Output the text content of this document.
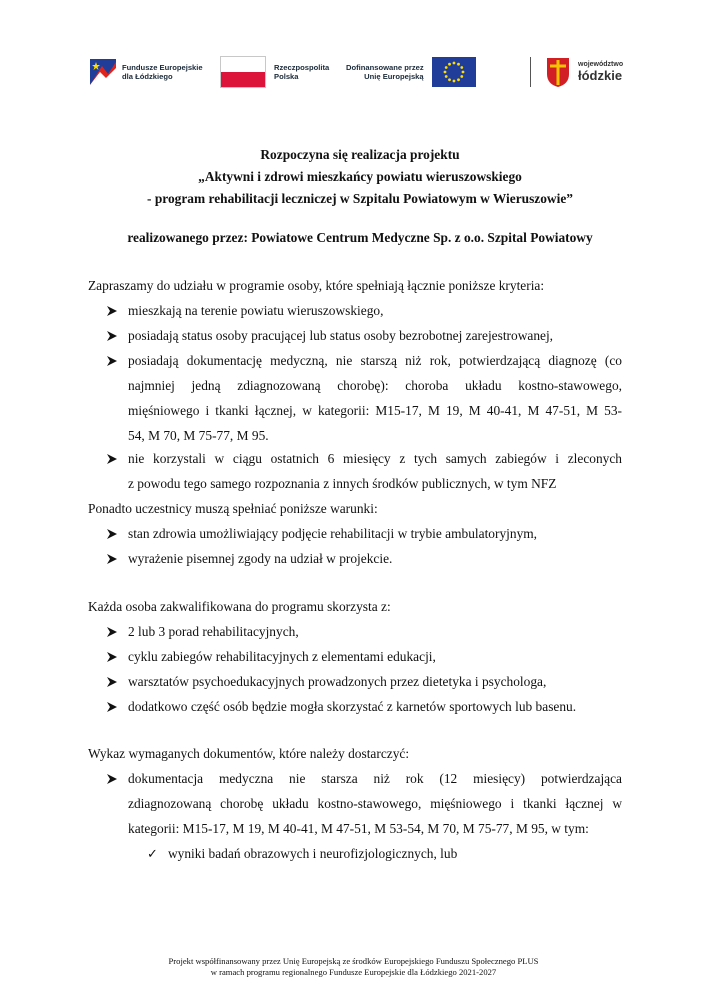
Fundusze Europejskie
dla Łódzkiego
Rzeczpospolita
Polska
Dofinansowane przez
Unię Europejską
województwo
łódzkie
Rozpoczyna się realizacja projektu
„Aktywni i zdrowi mieszkańcy powiatu wieruszowskiego
- program rehabilitacji leczniczej w Szpitalu Powiatowym w Wieruszowie”
realizowanego przez: Powiatowe Centrum Medyczne Sp. z o.o. Szpital Powiatowy
Zapraszamy do udziału w programie osoby, które spełniają łącznie poniższe kryteria:
mieszkają na terenie powiatu wieruszowskiego,
posiadają status osoby pracującej lub status osoby bezrobotnej zarejestrowanej,
posiadają dokumentację medyczną, nie starszą niż rok, potwierdzającą diagnozę (co
najmniej jedną zdiagnozowaną chorobę): choroba układu kostno-stawowego,
mięśniowego i tkanki łącznej, w kategorii: M15-17, M 19, M 40-41, M 47-51, M 53-
54, M 70, M 75-77, M 95.
nie korzystali w ciągu ostatnich 6 miesięcy z tych samych zabiegów i zleconych
z powodu tego samego rozpoznania z innych środków publicznych, w tym NFZ
Ponadto uczestnicy muszą spełniać poniższe warunki:
stan zdrowia umożliwiający podjęcie rehabilitacji w trybie ambulatoryjnym,
wyrażenie pisemnej zgody na udział w projekcie.
Każda osoba zakwalifikowana do programu skorzysta z:
2 lub 3 porad rehabilitacyjnych,
cyklu zabiegów rehabilitacyjnych z elementami edukacji,
warsztatów psychoedukacyjnych prowadzonych przez dietetyka i psychologa,
dodatkowo część osób będzie mogła skorzystać z karnetów sportowych lub basenu.
Wykaz wymaganych dokumentów, które należy dostarczyć:
dokumentacja medyczna nie starsza niż rok (12 miesięcy) potwierdzająca
zdiagnozowaną chorobę układu kostno-stawowego, mięśniowego i tkanki łącznej w
kategorii: M15-17, M 19, M 40-41, M 47-51, M 53-54, M 70, M 75-77, M 95, w tym:
✓ wyniki badań obrazowych i neurofizjologicznych, lub
Projekt współfinansowany przez Unię Europejską ze środków Europejskiego Funduszu Społecznego PLUS
w ramach programu regionalnego Fundusze Europejskie dla Łódzkiego 2021-2027
